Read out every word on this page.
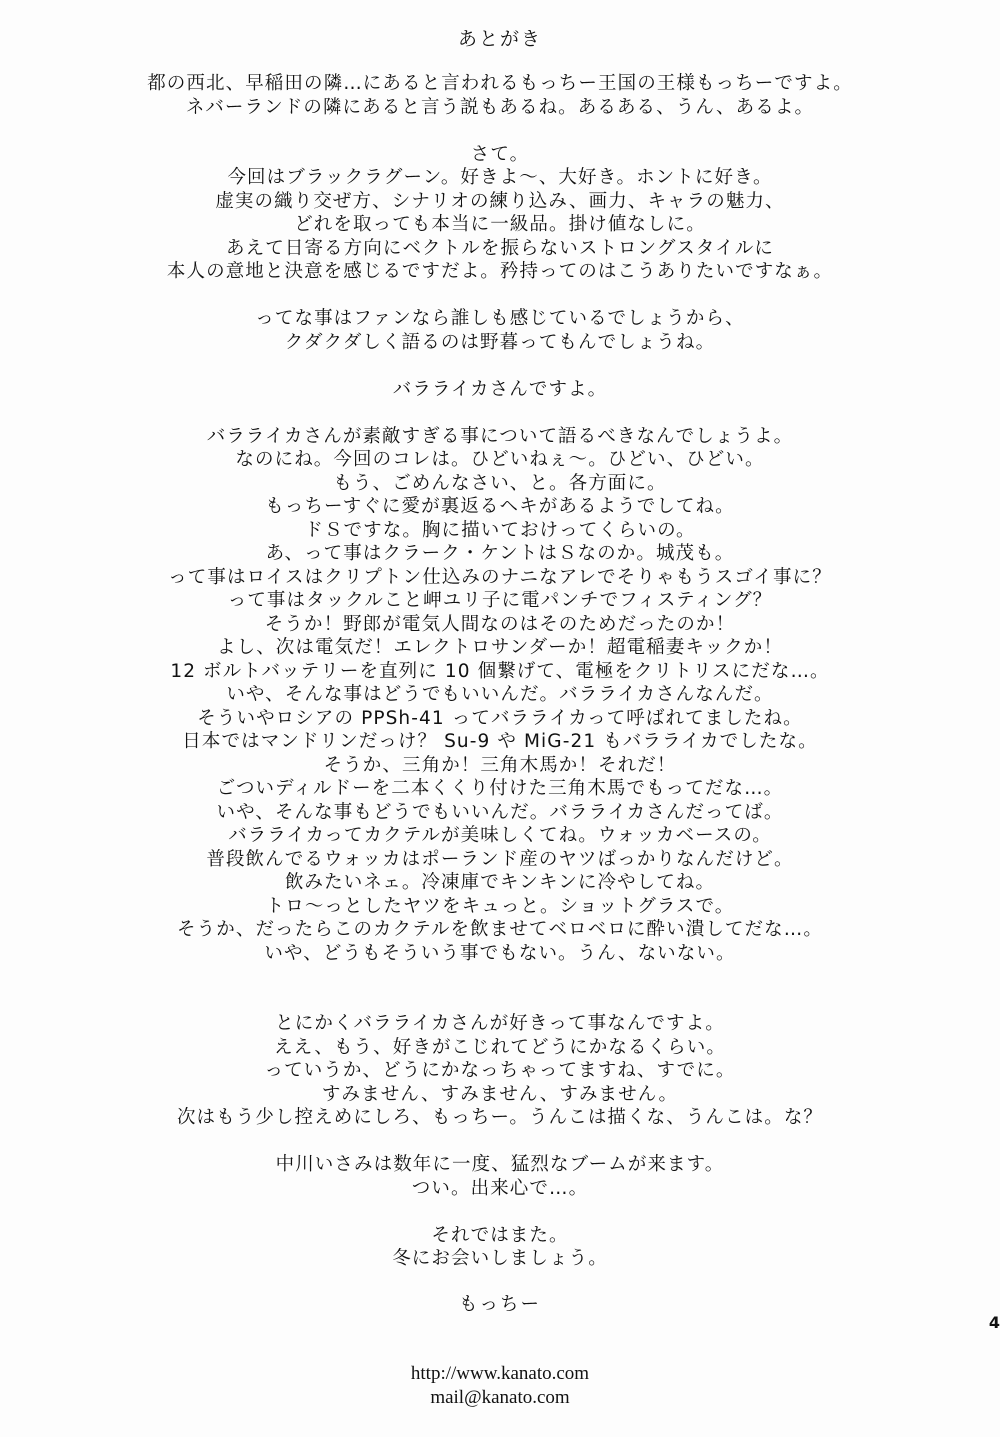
あとがき
都の西北、早稲田の隣…にあると言われるもっちー王国の王様もっちーですよ。
ネバーランドの隣にあると言う説もあるね。あるある、うん、あるよ。
さて。
今回はブラックラグーン。好きよ～、大好き。ホントに好き。
虚実の織り交ぜ方、シナリオの練り込み、画力、キャラの魅力、
どれを取っても本当に一級品。掛け値なしに。
あえて日寄る方向にベクトルを振らないストロングスタイルに
本人の意地と決意を感じるですだよ。矜持ってのはこうありたいですなぁ。
ってな事はファンなら誰しも感じているでしょうから、
クダクダしく語るのは野暮ってもんでしょうね。
バラライカさんですよ。
バラライカさんが素敵すぎる事について語るべきなんでしょうよ。
なのにね。今回のコレは。ひどいねぇ～。ひどい、ひどい。
もう、ごめんなさい、と。各方面に。
もっちーすぐに愛が裏返るヘキがあるようでしてね。
ドＳですな。胸に描いておけってくらいの。
あ、って事はクラーク・ケントはＳなのか。城茂も。
って事はロイスはクリプトン仕込みのナニなアレでそりゃもうスゴイ事に？
って事はタックルこと岬ユリ子に電パンチでフィスティング？
そうか！野郎が電気人間なのはそのためだったのか！
よし、次は電気だ！エレクトロサンダーか！超電稲妻キックか！
12 ボルトバッテリーを直列に 10 個繋げて、電極をクリトリスにだな…。
いや、そんな事はどうでもいいんだ。バラライカさんなんだ。
そういやロシアの PPSh-41 ってバラライカって呼ばれてましたね。
日本ではマンドリンだっけ？ Su-9 や MiG-21 もバラライカでしたな。
そうか、三角か！三角木馬か！それだ！
ごついディルドーを二本くくり付けた三角木馬でもってだな…。
いや、そんな事もどうでもいいんだ。バラライカさんだってば。
バラライカってカクテルが美味しくてね。ウォッカベースの。
普段飲んでるウォッカはポーランド産のヤツばっかりなんだけど。
飲みたいネェ。冷凍庫でキンキンに冷やしてね。
トロ～っとしたヤツをキュっと。ショットグラスで。
そうか、だったらこのカクテルを飲ませてベロベロに酔い潰してだな…。
いや、どうもそういう事でもない。うん、ないない。
とにかくバラライカさんが好きって事なんですよ。
ええ、もう、好きがこじれてどうにかなるくらい。
っていうか、どうにかなっちゃってますね、すでに。
すみません、すみません、すみません。
次はもう少し控えめにしろ、もっちー。うんこは描くな、うんこは。な？
中川いさみは数年に一度、猛烈なブームが来ます。
つい。出来心で…。
それではまた。
冬にお会いしましょう。
もっちー
4
http://www.kanato.com
mail@kanato.com
